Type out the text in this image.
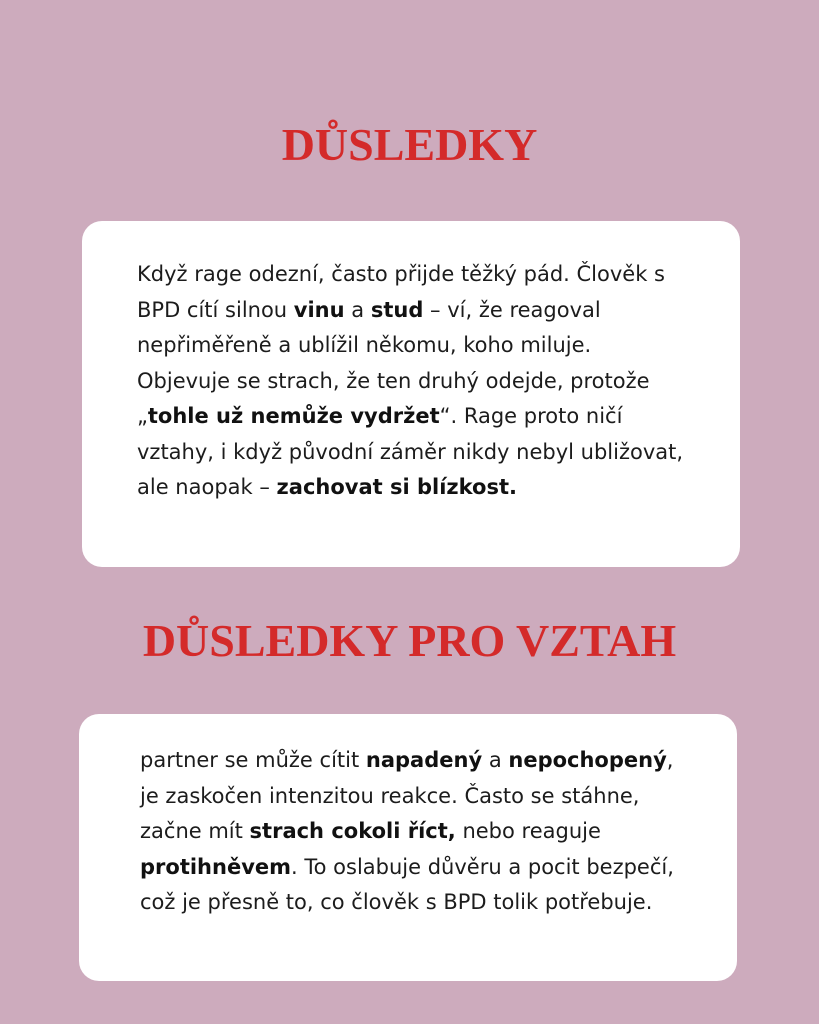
DŮSLEDKY

Když rage odezní, často přijde těžký pád. Člověk s BPD cítí silnou vinu a stud – ví, že reagoval nepřiměřeně a ublížil někomu, koho miluje. Objevuje se strach, že ten druhý odejde, protože „tohle už nemůže vydržet“. Rage proto ničí vztahy, i když původní záměr nikdy nebyl ubližovat, ale naopak – zachovat si blízkost.

DŮSLEDKY PRO VZTAH

partner se může cítit napadený a nepochopený, je zaskočen intenzitou reakce. Často se stáhne, začne mít strach cokoli říct, nebo reaguje protihněvem. To oslabuje důvěru a pocit bezpečí, což je přesně to, co člověk s BPD tolik potřebuje.
